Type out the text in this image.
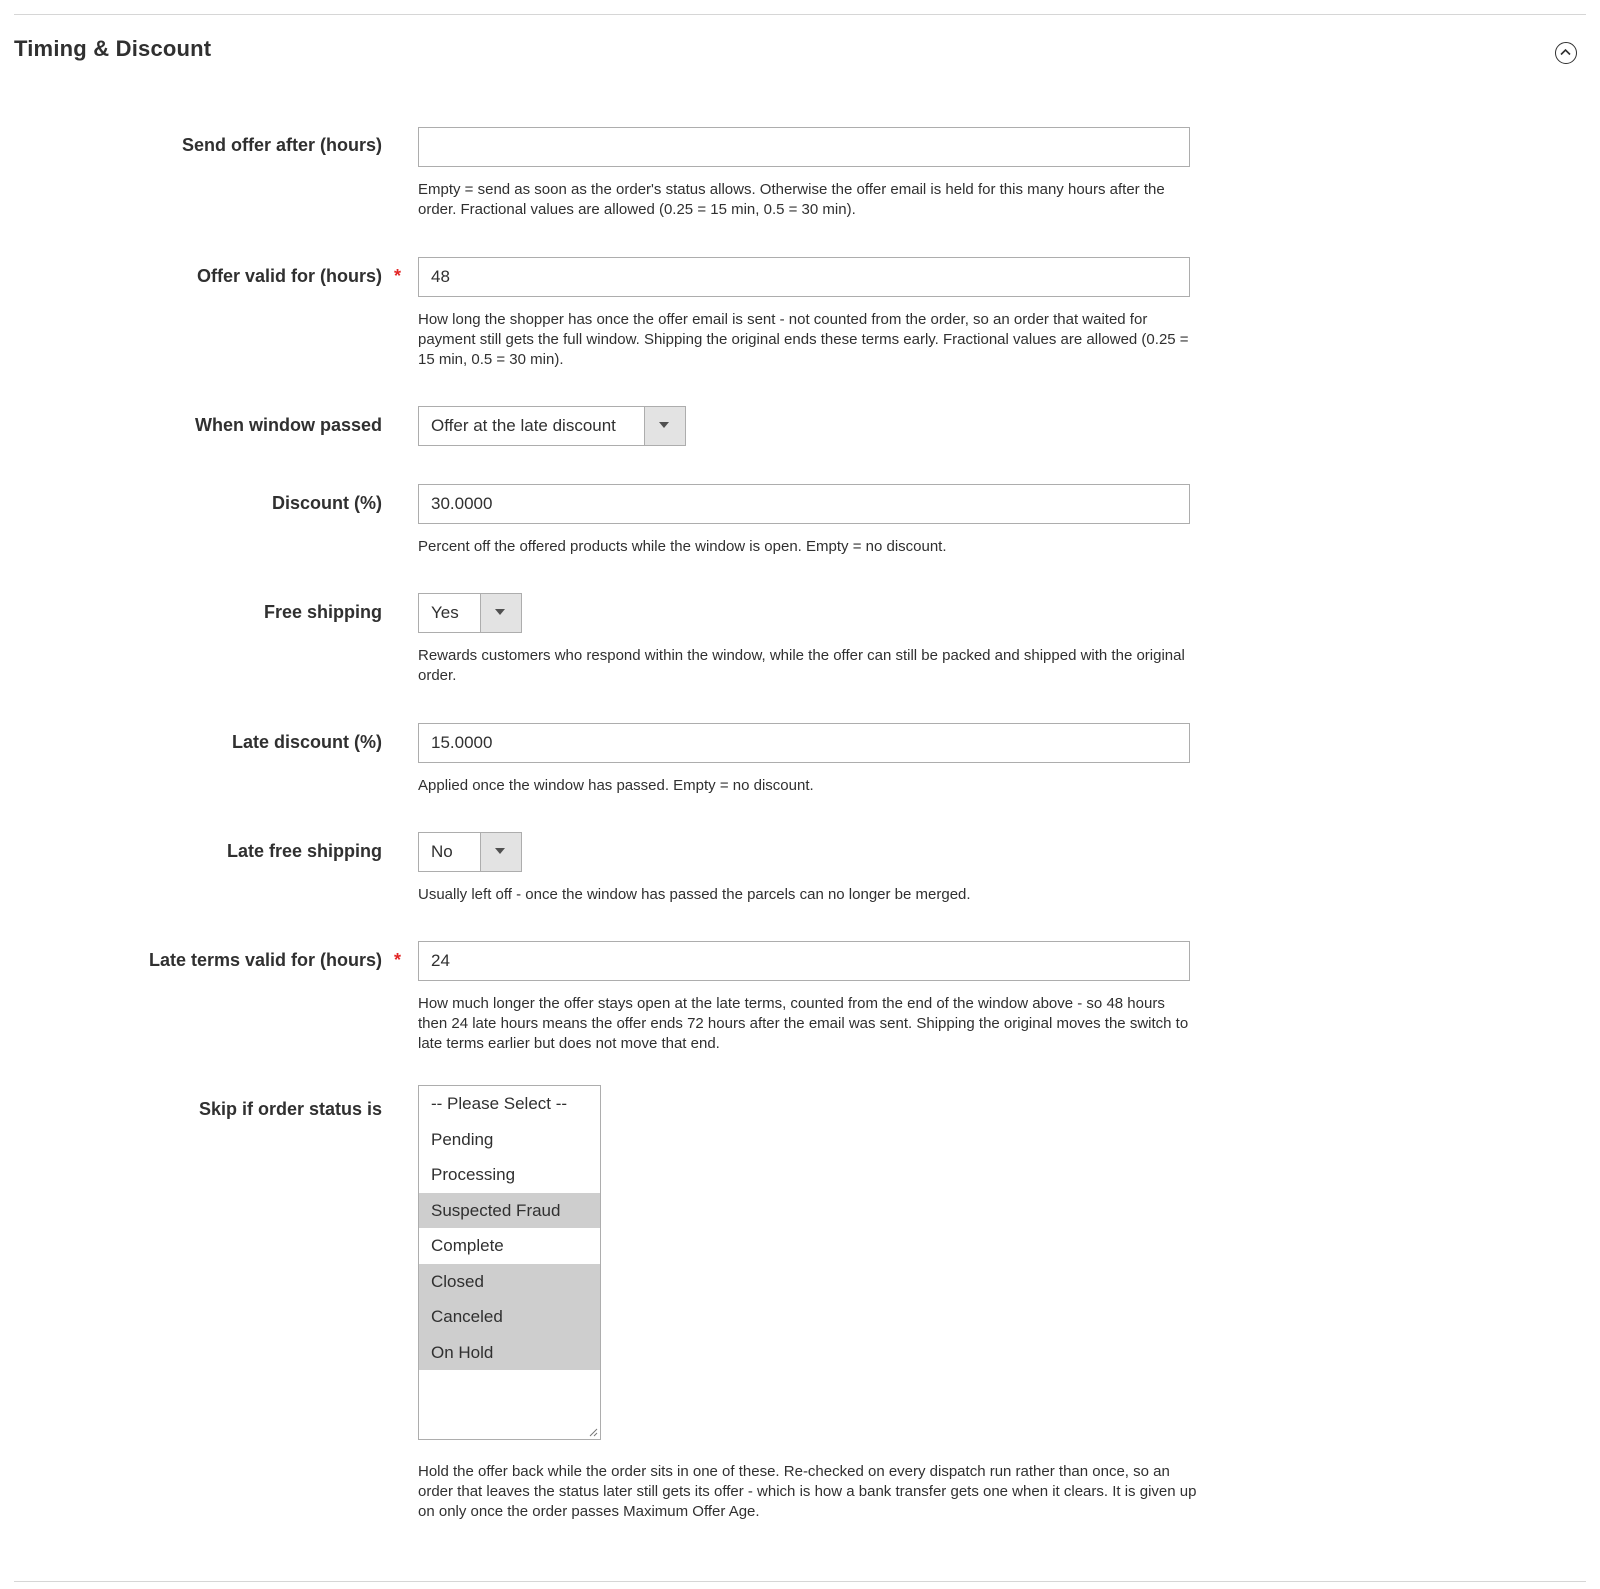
Timing & Discount
Send offer after (hours)
Empty = send as soon as the order's status allows. Otherwise the offer email is held for this many hours after the order. Fractional values are allowed (0.25 = 15 min, 0.5 = 30 min).
Offer valid for (hours) *	48
How long the shopper has once the offer email is sent - not counted from the order, so an order that waited for payment still gets the full window. Shipping the original ends these terms early. Fractional values are allowed (0.25 = 15 min, 0.5 = 30 min).
When window passed	Offer at the late discount
Discount (%)	30.0000
Percent off the offered products while the window is open. Empty = no discount.
Free shipping	Yes
Rewards customers who respond within the window, while the offer can still be packed and shipped with the original order.
Late discount (%)	15.0000
Applied once the window has passed. Empty = no discount.
Late free shipping	No
Usually left off - once the window has passed the parcels can no longer be merged.
Late terms valid for (hours) *	24
How much longer the offer stays open at the late terms, counted from the end of the window above - so 48 hours then 24 late hours means the offer ends 72 hours after the email was sent. Shipping the original moves the switch to late terms earlier but does not move that end.
Skip if order status is	-- Please Select --
Pending
Processing
Suspected Fraud
Complete
Closed
Canceled
On Hold
Hold the offer back while the order sits in one of these. Re-checked on every dispatch run rather than once, so an order that leaves the status later still gets its offer - which is how a bank transfer gets one when it clears. It is given up on only once the order passes Maximum Offer Age.
